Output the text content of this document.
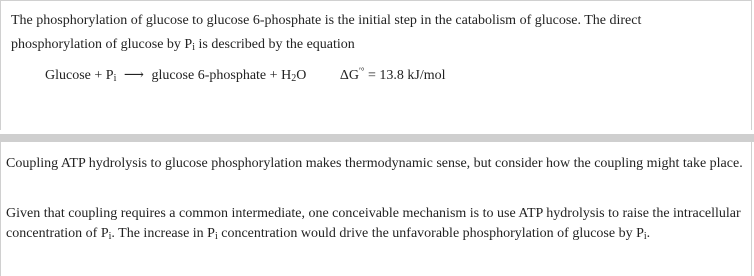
The phosphorylation of glucose to glucose 6-phosphate is the initial step in the catabolism of glucose. The direct
phosphorylation of glucose by $P_i$ is described by the equation

$Glucose + P_i$ ⟶ glucose 6-phosphate + $H_2O$ ΔG′° = 13.8 kJ/mol

Coupling ATP hydrolysis to glucose phosphorylation makes thermodynamic sense, but consider how the coupling might take place.

Given that coupling requires a common intermediate, one conceivable mechanism is to use ATP hydrolysis to raise the intracellular concentration of $P_i$. The increase in $P_i$ concentration would drive the unfavorable phosphorylation of glucose by $P_i$.
